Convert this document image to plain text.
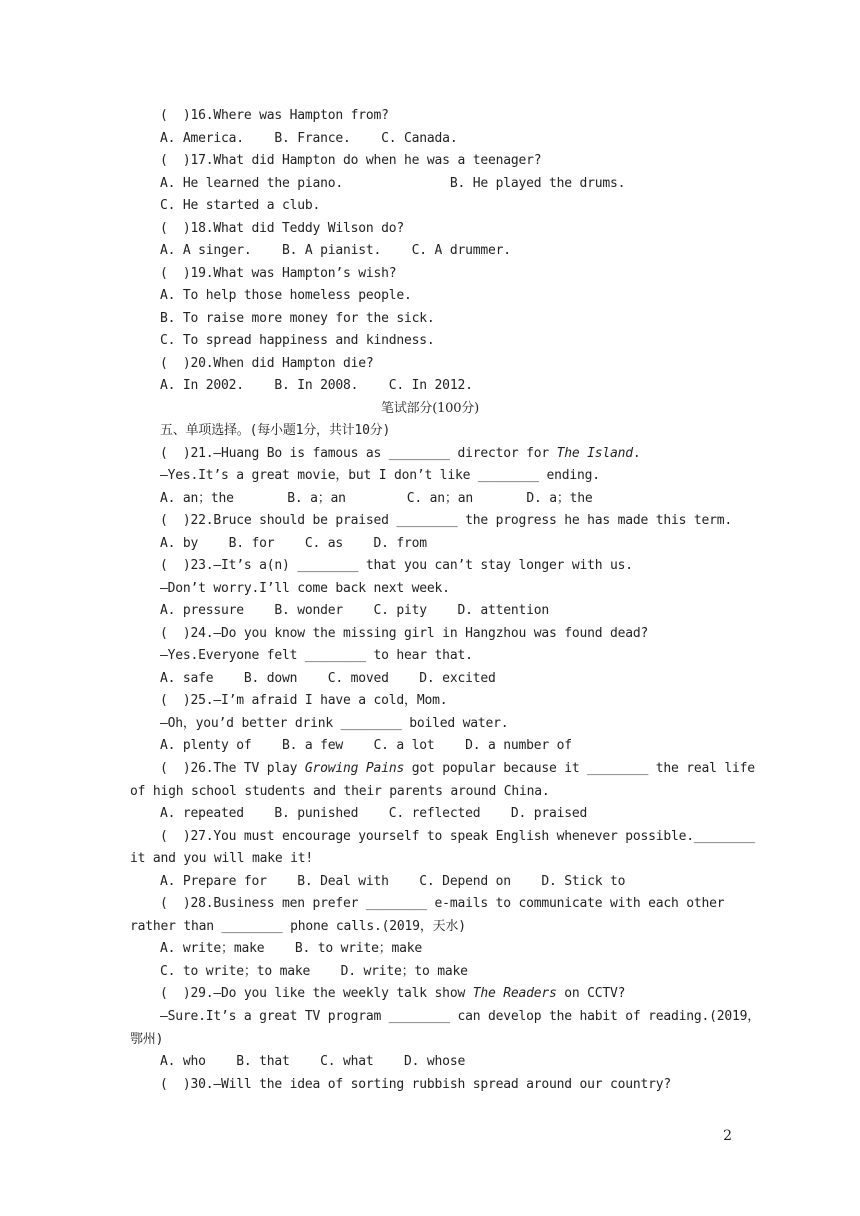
(  )16.Where was Hampton from?
A. America.    B. France.    C. Canada.
(  )17.What did Hampton do when he was a teenager?
A. He learned the piano.              B. He played the drums.
C. He started a club.
(  )18.What did Teddy Wilson do?
A. A singer.    B. A pianist.    C. A drummer.
(  )19.What was Hampton’s wish?
A. To help those homeless people.
B. To raise more money for the sick.
C. To spread happiness and kindness.
(  )20.When did Hampton die?
A. In 2002.    B. In 2008.    C. In 2012.
笔试部分(100分)
五、单项选择。(每小题1分，共计10分)
(  )21.—Huang Bo is famous as ________ director for The Island.
—Yes.It’s a great movie，but I don’t like ________ ending.
A. an；the       B. a；an        C. an；an       D. a；the
(  )22.Bruce should be praised ________ the progress he has made this term.
A. by    B. for    C. as    D. from
(  )23.—It’s a(n) ________ that you can’t stay longer with us.
—Don’t worry.I’ll come back next week.
A. pressure    B. wonder    C. pity    D. attention
(  )24.—Do you know the missing girl in Hangzhou was found dead?
—Yes.Everyone felt ________ to hear that.
A. safe    B. down    C. moved    D. excited
(  )25.—I’m afraid I have a cold，Mom.
—Oh，you’d better drink ________ boiled water.
A. plenty of    B. a few    C. a lot    D. a number of
(  )26.The TV play Growing Pains got popular because it ________ the real life
of high school students and their parents around China.
A. repeated    B. punished    C. reflected    D. praised
(  )27.You must encourage yourself to speak English whenever possible.________
it and you will make it!
A. Prepare for    B. Deal with    C. Depend on    D. Stick to
(  )28.Business men prefer ________ e-mails to communicate with each other
rather than ________ phone calls.(2019，天水)
A. write；make    B. to write；make
C. to write；to make    D. write；to make
(  )29.—Do you like the weekly talk show The Readers on CCTV?
—Sure.It’s a great TV program ________ can develop the habit of reading.(2019，
鄂州)
A. who    B. that    C. what    D. whose
(  )30.—Will the idea of sorting rubbish spread around our country?
2
